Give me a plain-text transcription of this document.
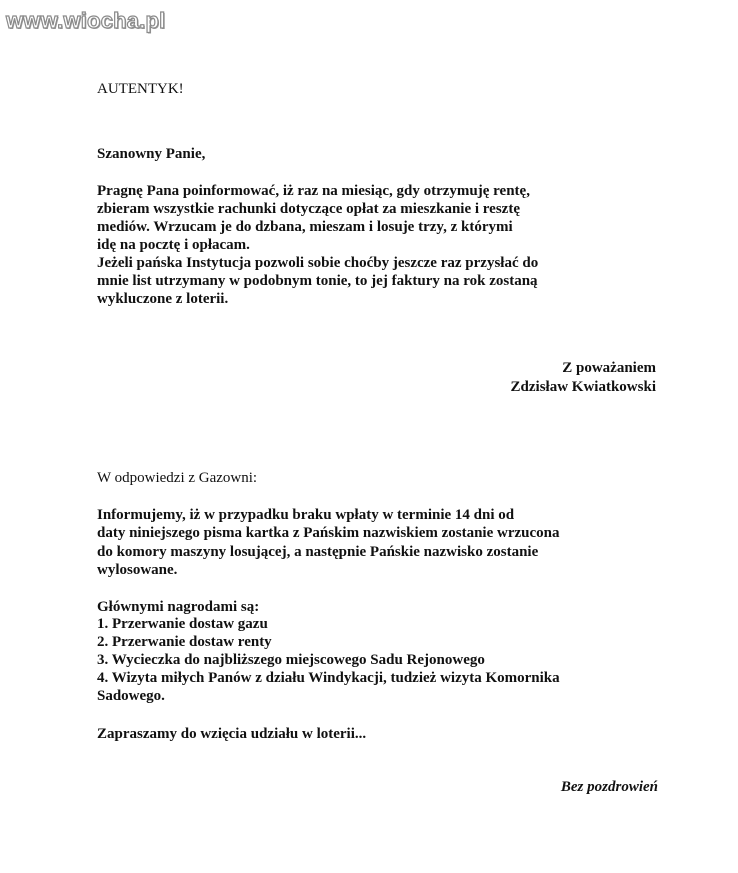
www.wiocha.pl
AUTENTYK!
Szanowny Panie,
Pragnę Pana poinformować, iż raz na miesiąc, gdy otrzymuję rentę,
zbieram wszystkie rachunki dotyczące opłat za mieszkanie i resztę
mediów. Wrzucam je do dzbana, mieszam i losuje trzy, z którymi
idę na pocztę i opłacam.
Jeżeli pańska Instytucja pozwoli sobie choćby jeszcze raz przysłać do
mnie list utrzymany w podobnym tonie, to jej faktury na rok zostaną
wykluczone z loterii.
Z poważaniem
Zdzisław Kwiatkowski
W odpowiedzi z Gazowni:
Informujemy, iż w przypadku braku wpłaty w terminie 14 dni od
daty niniejszego pisma kartka z Pańskim nazwiskiem zostanie wrzucona
do komory maszyny losującej, a następnie Pańskie nazwisko zostanie
wylosowane.
Głównymi nagrodami są:
1. Przerwanie dostaw gazu
2. Przerwanie dostaw renty
3. Wycieczka do najbliższego miejscowego Sadu Rejonowego
4. Wizyta miłych Panów z działu Windykacji, tudzież wizyta Komornika
Sadowego.
Zapraszamy do wzięcia udziału w loterii...
Bez pozdrowień
